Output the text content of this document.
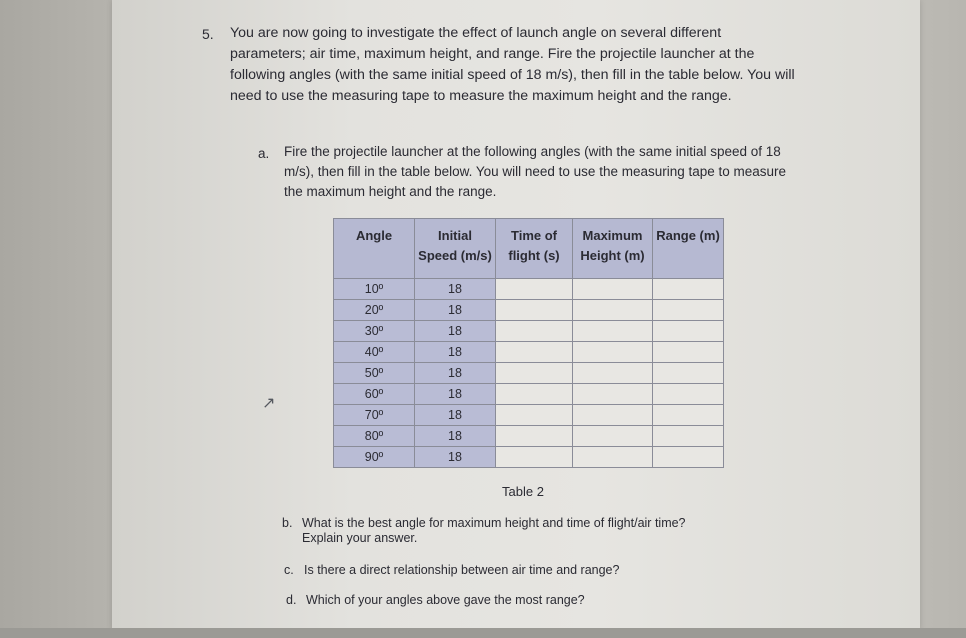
5. You are now going to investigate the effect of launch angle on several different parameters; air time, maximum height, and range. Fire the projectile launcher at the following angles (with the same initial speed of 18 m/s), then fill in the table below. You will need to use the measuring tape to measure the maximum height and the range.

a. Fire the projectile launcher at the following angles (with the same initial speed of 18 m/s), then fill in the table below. You will need to use the measuring tape to measure the maximum height and the range.

Angle	Initial Speed (m/s)	Time of flight (s)	Maximum Height (m)	Range (m)
10º	18			
20º	18			
30º	18			
40º	18			
50º	18			
60º	18			
70º	18			
80º	18			
90º	18			
Table 2
b. What is the best angle for maximum height and time of flight/air time?
Explain your answer.
c. Is there a direct relationship between air time and range?
d. Which of your angles above gave the most range?
↗
